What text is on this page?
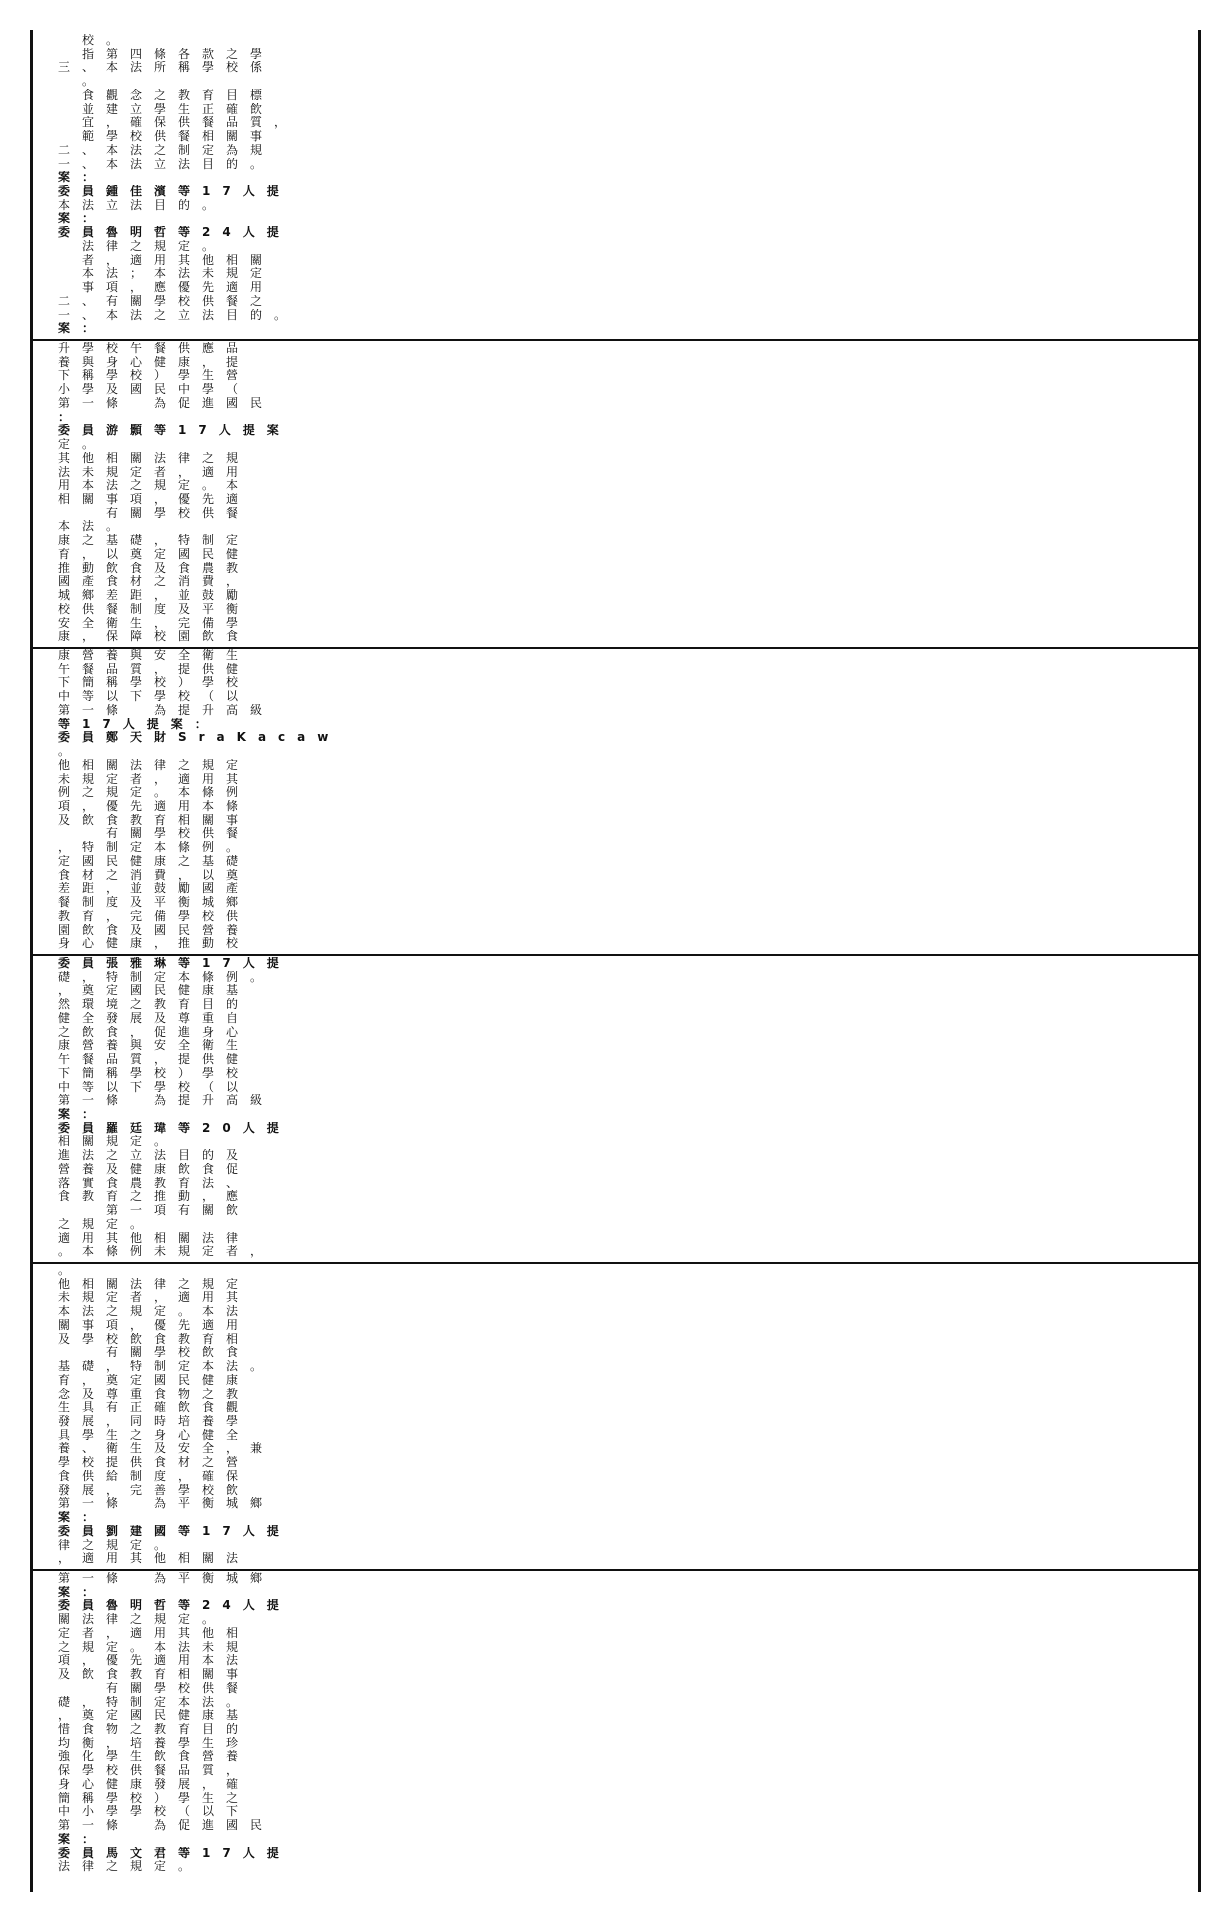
案：
一、本法之立法目的。
二、有關學校供餐之
　事項，應優先適用
　本法；本法未規定
　者，適用其他相關
　法律之規定。
委員魯明哲等24人提
案：
本法立法目的。
委員鍾佳濱等17人提
案：
一、本法立法目的。
二、本法之制定為規
　範學校供餐相關事
　宜，確保供餐品質，
　並建立學生正確飲
　食觀念之教育目標
　。
三、本法所稱學校係
　指第四條各款之學
　校。
康，保障校園飲食
安全衛生，完備學
校供餐制度及平衡
城鄉差距，並鼓勵
國產食材之消費，
推動飲食及食農教
育，以奠定國民健
康之基礎，特制定
本法。
　　有關學校供餐
相關事項，優先適
用本法之規定。本
法未規定者，適用
其他相關法律之規
定。
委員游顥等17人提案
：
第一條　為促進國民
小學及國民中學（
下稱學校）學生營
養與身心健康，提
升學校午餐供應品
身心健康，推動校
園飲食及國民營養
教育，完備學校供
餐制度及平衡城鄉
差距，並鼓勵國產
食材之消費，以奠
定國民健康之基礎
，特制定本條例。
　　有關學校供餐
及飲食教育相關事
項，優先適用本條
例之規定。本條例
未規定者，適用其
他相關法律之規定
。
委員鄭天財SraKacaw
等17人提案：
第一條　為提升高級
中等以下學校（以
下簡稱學校）學校
午餐品質，提供健
康營養與安全衛生
。本條例未規定者，
適用其他相關法律
之規定。
　　第一項有關飲
食教育之推動，應
落實食農教育法、
營養及健康飲食促
進法之立法目的及
相關規定。
委員羅廷瑋等20人提
案：
第一條　為提升高級
中等以下學校（以
下簡稱學校）學校
午餐品質，提供健
康營養與安全衛生
之飲食，促進身心
健全發展及尊重自
然環境之教育目的
，奠定國民健康基
礎，特制定本條例。
委員張雅琳等17人提
，適用其他相關法
律之規定。
委員劉建國等17人提
案：
第一條　為平衡城鄉
發展，完善學校飲
食供給制度，確保
學校提供食材之營
養、衛生及安全，兼
具學生之身心健全
發展，同時培養學
生具有正確飲食觀
念及尊重食物之教
育，奠定國民健康
基礎，特制定本法。
　　有關學校飲食
及學校飲食教育相
關事項，優先適用
本法之規定。本法
未規定者，適用其
他相關法律之規定
。
法律之規定。
委員馬文君等17人提
案：
第一條　為促進國民
中小學學校（以下
簡稱學校）學生之
身心健康發展，確
保學校供餐品質，
強化學生飲食營養
均衡，培養學生珍
惜食物之教育目的
，奠定國民健康基
礎，特制定本法。
　　有關學校供餐
及飲食教育相關事
項，優先適用本法
之規定。本法未規
定者，適用其他相
關法律之規定。
委員魯明哲等24人提
案：
第一條　為平衡城鄉
